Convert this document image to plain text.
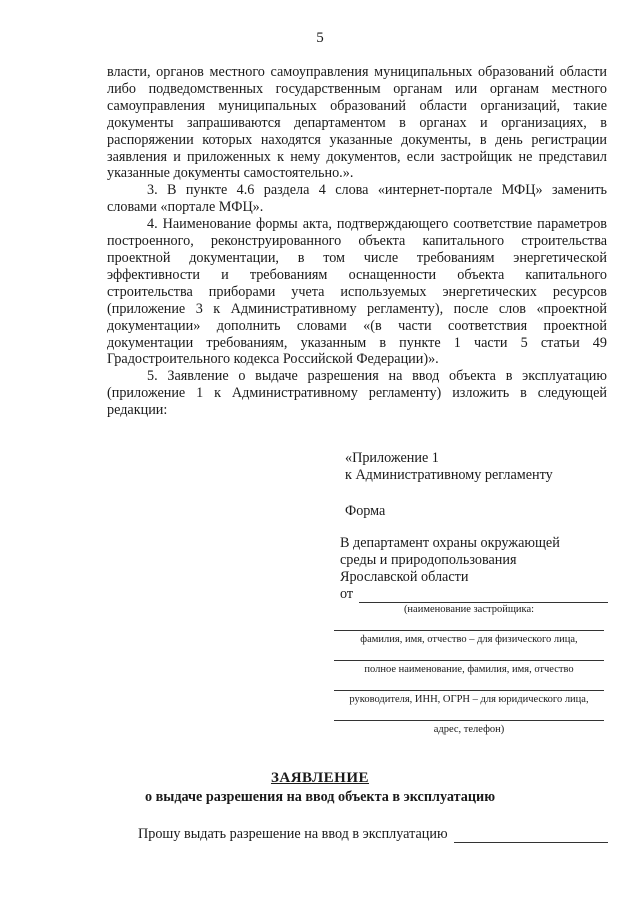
5

власти, органов местного самоуправления муниципальных образований области либо подведомственных государственным органам или органам местного самоуправления муниципальных образований области организаций, такие документы запрашиваются департаментом в органах и организациях, в распоряжении которых находятся указанные документы, в день регистрации заявления и приложенных к нему документов, если застройщик не представил указанные документы самостоятельно.».

3. В пункте 4.6 раздела 4 слова «интернет-портале МФЦ» заменить словами «портале МФЦ».

4. Наименование формы акта, подтверждающего соответствие параметров построенного, реконструированного объекта капитального строительства проектной документации, в том числе требованиям энергетической эффективности и требованиям оснащенности объекта капитального строительства приборами учета используемых энергетических ресурсов (приложение 3 к Административному регламенту), после слов «проектной документации» дополнить словами «(в части соответствия проектной документации требованиям, указанным в пункте 1 части 5 статьи 49 Градостроительного кодекса Российской Федерации)».

5. Заявление о выдаче разрешения на ввод объекта в эксплуатацию (приложение 1 к Административному регламенту) изложить в следующей редакции:

«Приложение 1
к Административному регламенту
Форма
В департамент охраны окружающей
среды и природопользования
Ярославской области
от
(наименование застройщика:
фамилия, имя, отчество – для физического лица,
полное наименование, фамилия, имя, отчество
руководителя, ИНН, ОГРН – для юридического лица,
адрес, телефон)
ЗАЯВЛЕНИЕ
о выдаче разрешения на ввод объекта в эксплуатацию
Прошу выдать разрешение на ввод в эксплуатацию
